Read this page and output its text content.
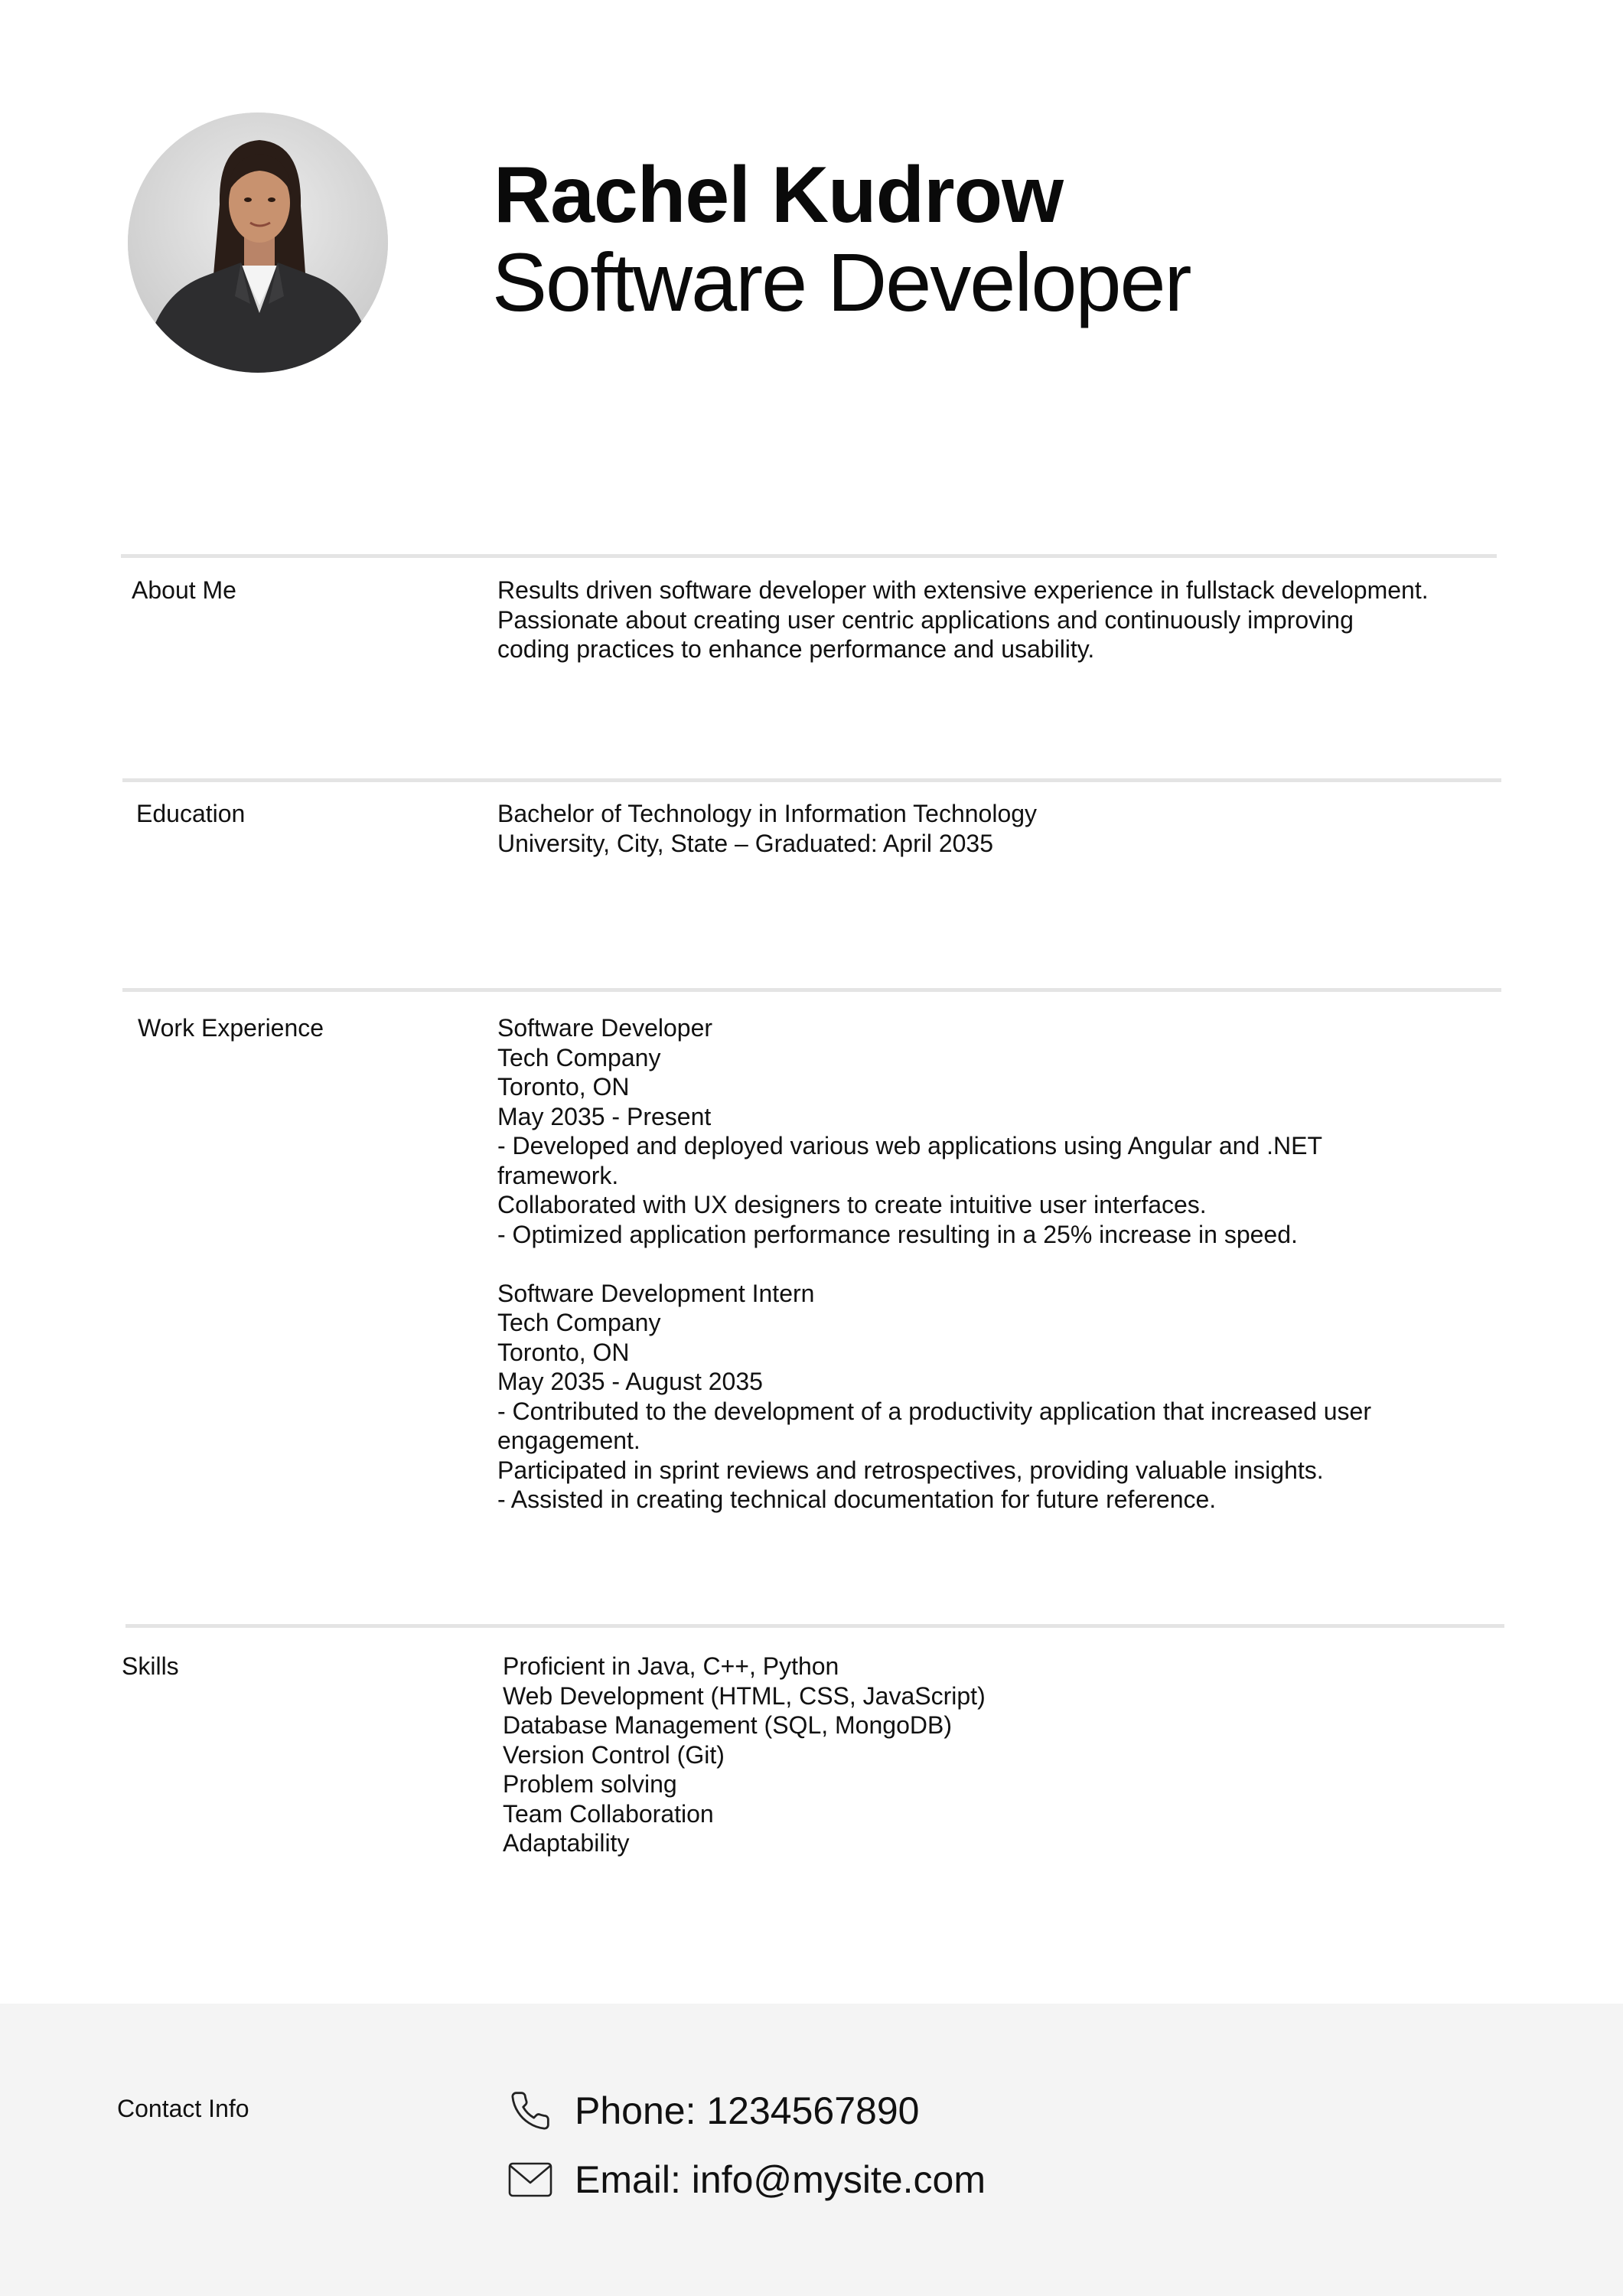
Rachel Kudrow
Software Developer
About Me	Results driven software developer with extensive experience in fullstack development.
Passionate about creating user centric applications and continuously improving
coding practices to enhance performance and usability.
Education	Bachelor of Technology in Information Technology
University, City, State – Graduated: April 2035
Work Experience	Software Developer
Tech Company
Toronto, ON
May 2035 - Present
- Developed and deployed various web applications using Angular and .NET
framework.
Collaborated with UX designers to create intuitive user interfaces.
- Optimized application performance resulting in a 25% increase in speed.
Software Development Intern
Tech Company
Toronto, ON
May 2035 - August 2035
- Contributed to the development of a productivity application that increased user
engagement.
Participated in sprint reviews and retrospectives, providing valuable insights.
- Assisted in creating technical documentation for future reference.
Skills	Proficient in Java, C++, Python
Web Development (HTML, CSS, JavaScript)
Database Management (SQL, MongoDB)
Version Control (Git)
Problem solving
Team Collaboration
Adaptability
Contact Info	Phone: 1234567890
Email: info@mysite.com
